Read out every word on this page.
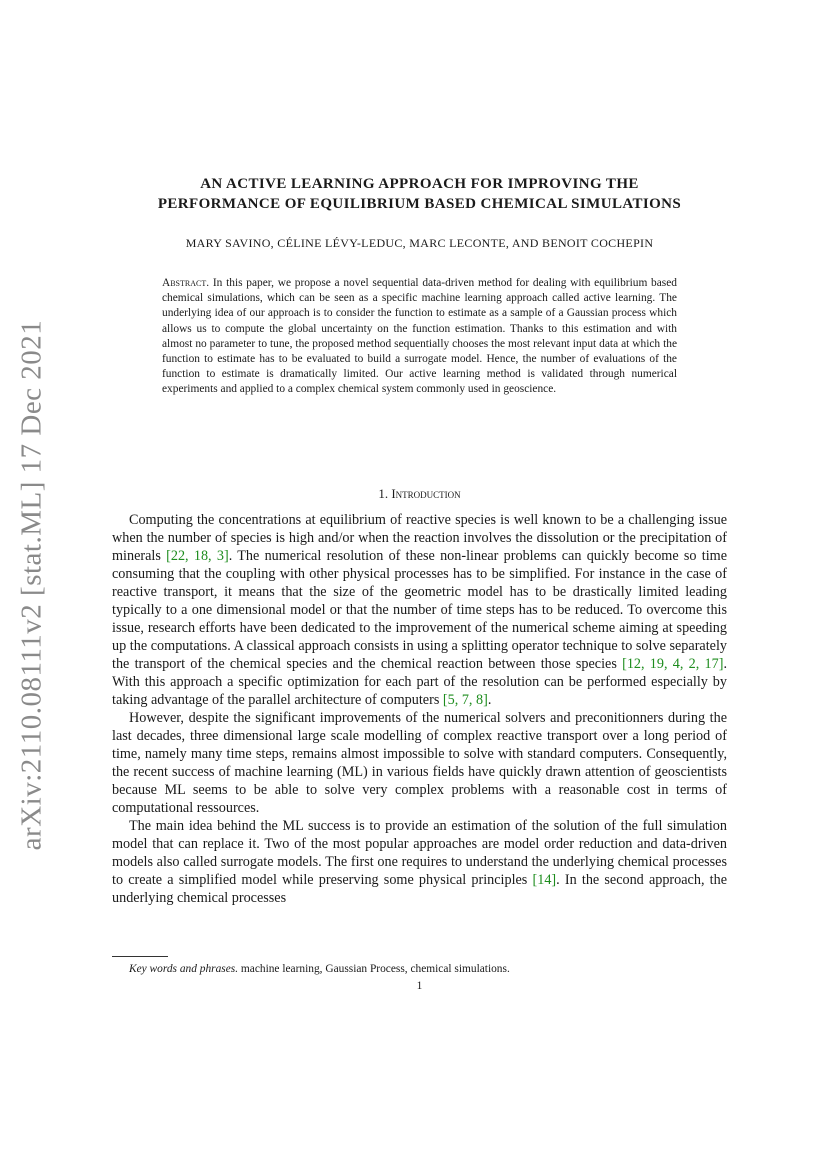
arXiv:2110.08111v2 [stat.ML] 17 Dec 2021
AN ACTIVE LEARNING APPROACH FOR IMPROVING THE
PERFORMANCE OF EQUILIBRIUM BASED CHEMICAL SIMULATIONS
MARY SAVINO, CÉLINE LÉVY-LEDUC, MARC LECONTE, AND BENOIT COCHEPIN
Abstract. In this paper, we propose a novel sequential data-driven method for dealing with equilibrium based chemical simulations, which can be seen as a specific machine learning approach called active learning. The underlying idea of our approach is to consider the function to estimate as a sample of a Gaussian process which allows us to compute the global uncertainty on the function estimation. Thanks to this estimation and with almost no parameter to tune, the proposed method sequentially chooses the most relevant input data at which the function to estimate has to be evaluated to build a surrogate model. Hence, the number of evaluations of the function to estimate is dramatically limited. Our active learning method is validated through numerical experiments and applied to a complex chemical system commonly used in geoscience.
1. Introduction

Computing the concentrations at equilibrium of reactive species is well known to be a challenging issue when the number of species is high and/or when the reaction involves the dissolution or the precipitation of minerals [22, 18, 3]. The numerical resolution of these non-linear problems can quickly become so time consuming that the coupling with other physical processes has to be simplified. For instance in the case of reactive transport, it means that the size of the geometric model has to be drastically limited leading typically to a one dimensional model or that the number of time steps has to be reduced. To overcome this issue, research efforts have been dedicated to the improvement of the numerical scheme aiming at speeding up the computations. A classical approach consists in using a splitting operator technique to solve separately the transport of the chemical species and the chemical reaction between those species [12, 19, 4, 2, 17]. With this approach a specific optimization for each part of the resolution can be performed especially by taking advantage of the parallel architecture of computers [5, 7, 8].

However, despite the significant improvements of the numerical solvers and preconitionners during the last decades, three dimensional large scale modelling of complex reactive transport over a long period of time, namely many time steps, remains almost impossible to solve with standard computers. Consequently, the recent success of machine learning (ML) in various fields have quickly drawn attention of geoscientists because ML seems to be able to solve very complex problems with a reasonable cost in terms of computational ressources.

The main idea behind the ML success is to provide an estimation of the solution of the full simulation model that can replace it. Two of the most popular approaches are model order reduction and data-driven models also called surrogate models. The first one requires to understand the underlying chemical processes to create a simplified model while preserving some physical principles [14]. In the second approach, the underlying chemical processes

Key words and phrases. machine learning, Gaussian Process, chemical simulations.
1
